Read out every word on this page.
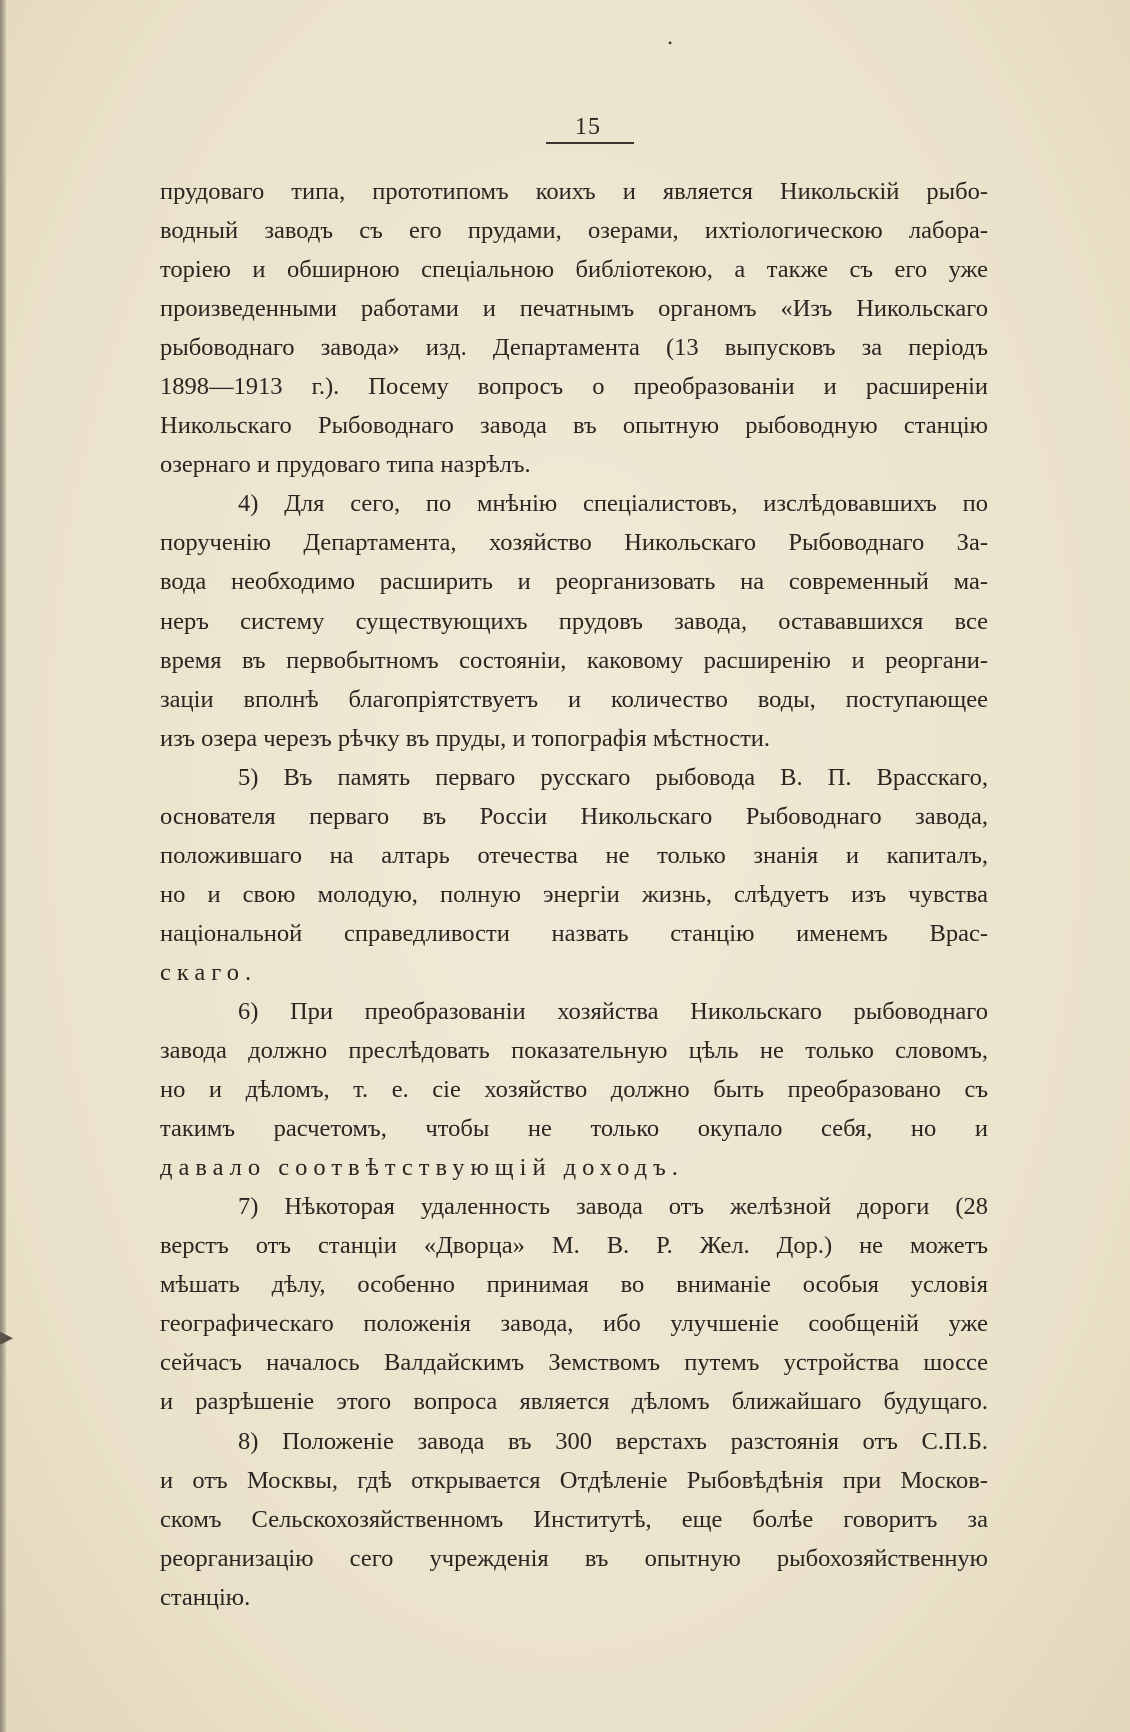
•
15
прудоваго типа, прототипомъ коихъ и является Никольскій рыбо-
водный заводъ съ его прудами, озерами, ихтіологическою лабора-
торіею и обширною спеціальною библіотекою, а также съ его уже
произведенными работами и печатнымъ органомъ «Изъ Никольскаго
рыбоводнаго завода» изд. Департамента (13 выпусковъ за періодъ
1898—1913 г.). Посему вопросъ о преобразованіи и расширеніи
Никольскаго Рыбоводнаго завода въ опытную рыбоводную станцію
озернаго и прудоваго типа назрѣлъ.
4) Для сего, по мнѣнію спеціалистовъ, изслѣдовавшихъ по
порученію Департамента, хозяйство Никольскаго Рыбоводнаго За-
вода необходимо расширить и реорганизовать на современный ма-
неръ систему существующихъ прудовъ завода, остававшихся все
время въ первобытномъ состояніи, каковому расширенію и реоргани-
заціи вполнѣ благопріятствуетъ и количество воды, поступающее
изъ озера черезъ рѣчку въ пруды, и топографія мѣстности.
5) Въ память перваго русскаго рыбовода В. П. Врасскаго,
основателя перваго въ Россіи Никольскаго Рыбоводнаго завода,
положившаго на алтарь отечества не только знанія и капиталъ,
но и свою молодую, полную энергіи жизнь, слѣдуетъ изъ чувства
національной справедливости назвать станцію именемъ Врас-
скаго.
6) При преобразованіи хозяйства Никольскаго рыбоводнаго
завода должно преслѣдовать показательную цѣль не только словомъ,
но и дѣломъ, т. е. сіе хозяйство должно быть преобразовано съ
такимъ расчетомъ, чтобы не только окупало себя, но и
давало соотвѣтствующій доходъ.
7) Нѣкоторая удаленность завода отъ желѣзной дороги (28
верстъ отъ станціи «Дворца» М. В. Р. Жел. Дор.) не можетъ
мѣшать дѣлу, особенно принимая во вниманіе особыя условія
географическаго положенія завода, ибо улучшеніе сообщеній уже
сейчасъ началось Валдайскимъ Земствомъ путемъ устройства шоссе
и разрѣшеніе этого вопроса является дѣломъ ближайшаго будущаго.
8) Положеніе завода въ 300 верстахъ разстоянія отъ С.П.Б.
и отъ Москвы, гдѣ открывается Отдѣленіе Рыбовѣдѣнія при Москов-
скомъ Сельскохозяйственномъ Институтѣ, еще болѣе говоритъ за
реорганизацію сего учрежденія въ опытную рыбохозяйственную
станцію.
▸
